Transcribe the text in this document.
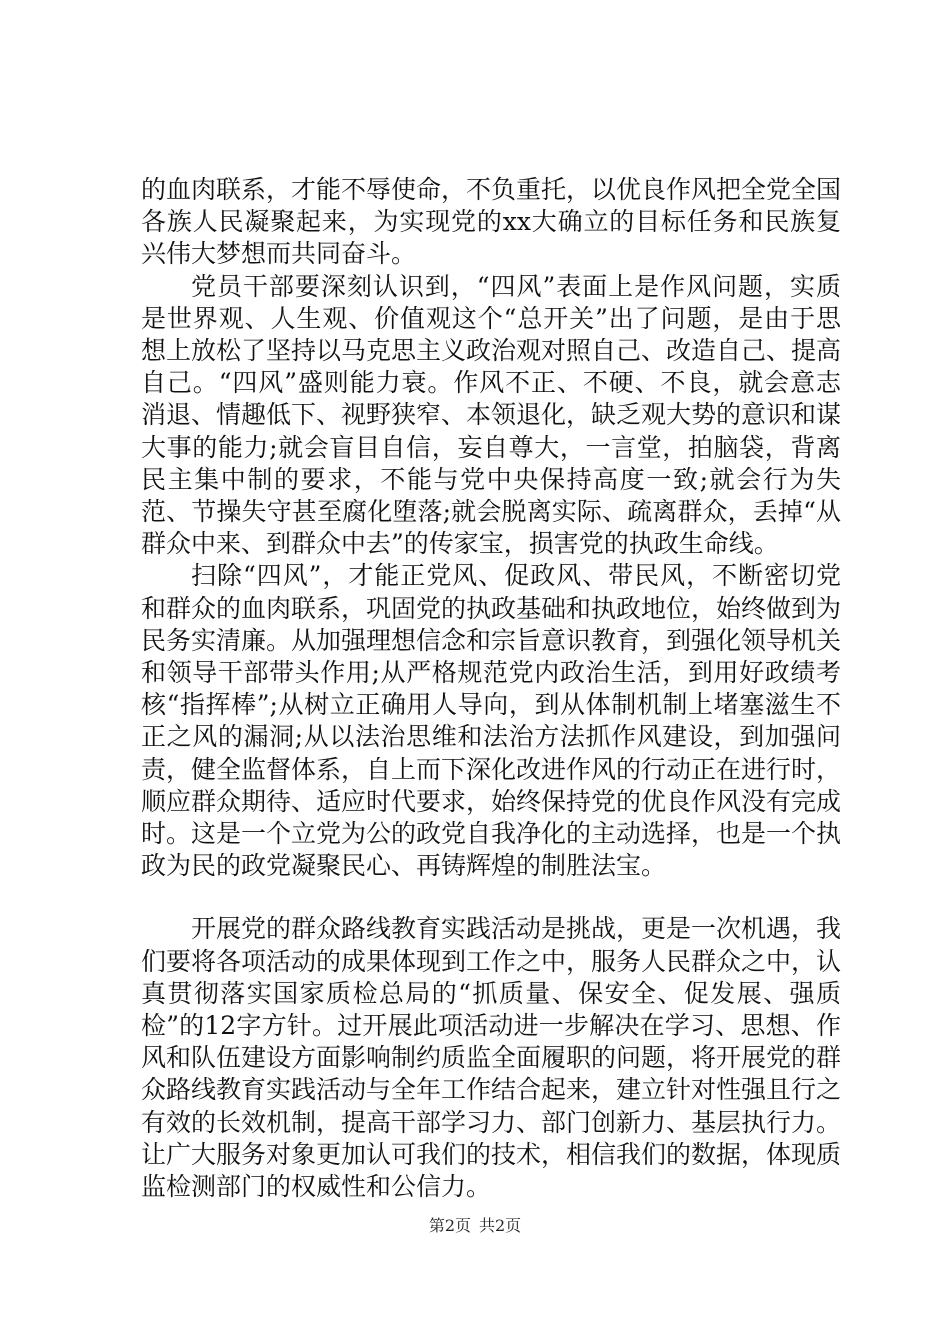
的血肉联系，才能不辱使命，不负重托，以优良作风把全党全国各族人民凝聚起来，为实现党的xx大确立的目标任务和民族复兴伟大梦想而共同奋斗。

党员干部要深刻认识到，“四风”表面上是作风问题，实质是世界观、人生观、价值观这个“总开关”出了问题，是由于思想上放松了坚持以马克思主义政治观对照自己、改造自己、提高自己。“四风”盛则能力衰。作风不正、不硬、不良，就会意志消退、情趣低下、视野狭窄、本领退化，缺乏观大势的意识和谋大事的能力;就会盲目自信，妄自尊大，一言堂，拍脑袋，背离民主集中制的要求，不能与党中央保持高度一致;就会行为失范、节操失守甚至腐化堕落;就会脱离实际、疏离群众，丢掉“从群众中来、到群众中去”的传家宝，损害党的执政生命线。

扫除“四风”，才能正党风、促政风、带民风，不断密切党和群众的血肉联系，巩固党的执政基础和执政地位，始终做到为民务实清廉。从加强理想信念和宗旨意识教育，到强化领导机关和领导干部带头作用;从严格规范党内政治生活，到用好政绩考核“指挥棒”;从树立正确用人导向，到从体制机制上堵塞滋生不正之风的漏洞;从以法治思维和法治方法抓作风建设，到加强问责，健全监督体系，自上而下深化改进作风的行动正在进行时，顺应群众期待、适应时代要求，始终保持党的优良作风没有完成时。这是一个立党为公的政党自我净化的主动选择，也是一个执政为民的政党凝聚民心、再铸辉煌的制胜法宝。

开展党的群众路线教育实践活动是挑战，更是一次机遇，我们要将各项活动的成果体现到工作之中，服务人民群众之中，认真贯彻落实国家质检总局的“抓质量、保安全、促发展、强质检”的12字方针。过开展此项活动进一步解决在学习、思想、作风和队伍建设方面影响制约质监全面履职的问题，将开展党的群众路线教育实践活动与全年工作结合起来，建立针对性强且行之有效的长效机制，提高干部学习力、部门创新力、基层执行力。让广大服务对象更加认可我们的技术，相信我们的数据，体现质监检测部门的权威性和公信力。

第2页 共2页
